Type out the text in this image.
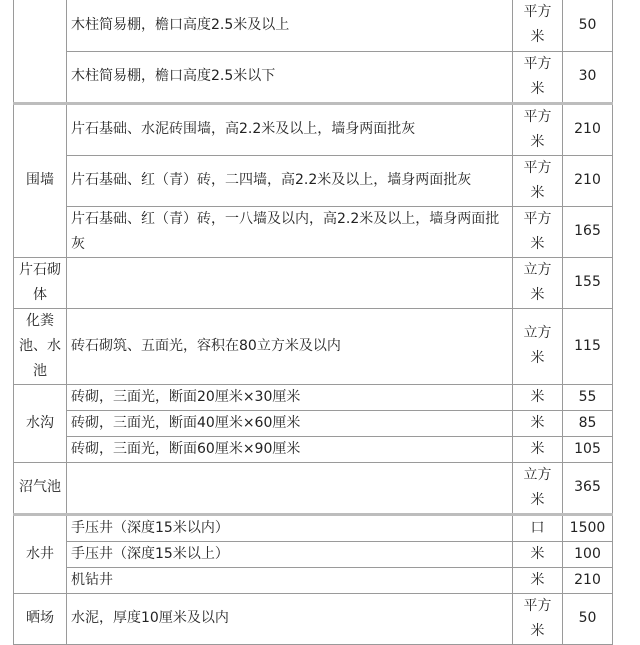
	木柱简易棚，檐口高度2.5米及以上	平方米	50
	木柱简易棚，檐口高度2.5米以下	平方米	30
围墙	片石基础、水泥砖围墙，高2.2米及以上，墙身两面批灰	平方米	210
	片石基础、红（青）砖，二四墙，高2.2米及以上，墙身两面批灰	平方米	210
	片石基础、红（青）砖，一八墙及以内，高2.2米及以上，墙身两面批灰	平方米	165
片石砌体		立方米	155
化粪池、水池	砖石砌筑、五面光，容积在80立方米及以内	立方米	115
水沟	砖砌，三面光，断面20厘米×30厘米	米	55
	砖砌，三面光，断面40厘米×60厘米	米	85
	砖砌，三面光，断面60厘米×90厘米	米	105
沼气池		立方米	365
水井	手压井（深度15米以内）	口	1500
	手压井（深度15米以上）	米	100
	机钻井	米	210
晒场	水泥，厚度10厘米及以内	平方米	50
